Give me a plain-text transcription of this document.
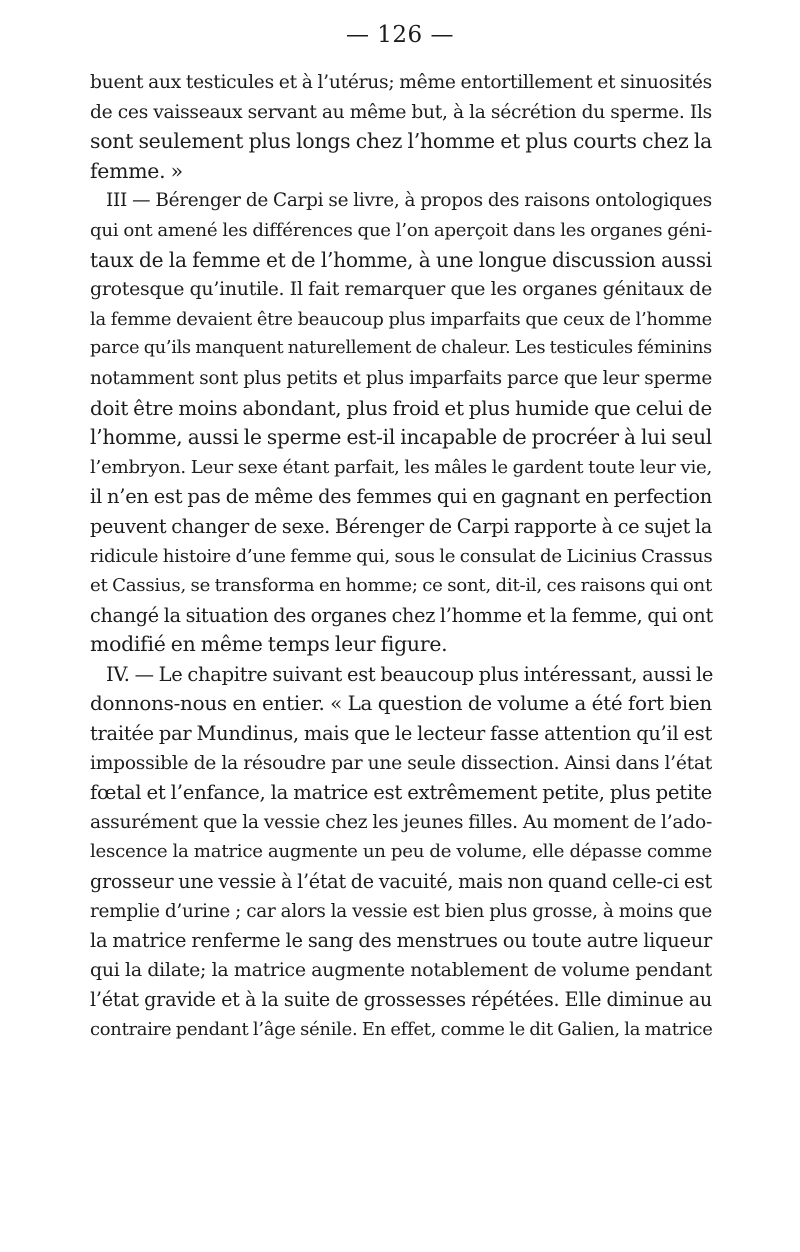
— 126 —
buent aux testicules et à l’utérus; même entortillement et sinuosités
de ces vaisseaux servant au même but, à la sécrétion du sperme. Ils
sont seulement plus longs chez l’homme et plus courts chez la
femme. »
III — Bérenger de Carpi se livre, à propos des raisons ontologiques
qui ont amené les différences que l’on aperçoit dans les organes géni-
taux de la femme et de l’homme, à une longue discussion aussi
grotesque qu’inutile. Il fait remarquer que les organes génitaux de
la femme devaient être beaucoup plus imparfaits que ceux de l’homme
parce qu’ils manquent naturellement de chaleur. Les testicules féminins
notamment sont plus petits et plus imparfaits parce que leur sperme
doit être moins abondant, plus froid et plus humide que celui de
l’homme, aussi le sperme est-il incapable de procréer à lui seul
l’embryon. Leur sexe étant parfait, les mâles le gardent toute leur vie,
il n’en est pas de même des femmes qui en gagnant en perfection
peuvent changer de sexe. Bérenger de Carpi rapporte à ce sujet la
ridicule histoire d’une femme qui, sous le consulat de Licinius Crassus
et Cassius, se transforma en homme; ce sont, dit-il, ces raisons qui ont
changé la situation des organes chez l’homme et la femme, qui ont
modifié en même temps leur figure.
IV. — Le chapitre suivant est beaucoup plus intéressant, aussi le
donnons-nous en entier. « La question de volume a été fort bien
traitée par Mundinus, mais que le lecteur fasse attention qu’il est
impossible de la résoudre par une seule dissection. Ainsi dans l’état
fœtal et l’enfance, la matrice est extrêmement petite, plus petite
assurément que la vessie chez les jeunes filles. Au moment de l’ado-
lescence la matrice augmente un peu de volume, elle dépasse comme
grosseur une vessie à l’état de vacuité, mais non quand celle-ci est
remplie d’urine ; car alors la vessie est bien plus grosse, à moins que
la matrice renferme le sang des menstrues ou toute autre liqueur
qui la dilate; la matrice augmente notablement de volume pendant
l’état gravide et à la suite de grossesses répétées. Elle diminue au
contraire pendant l’âge sénile. En effet, comme le dit Galien, la matrice
